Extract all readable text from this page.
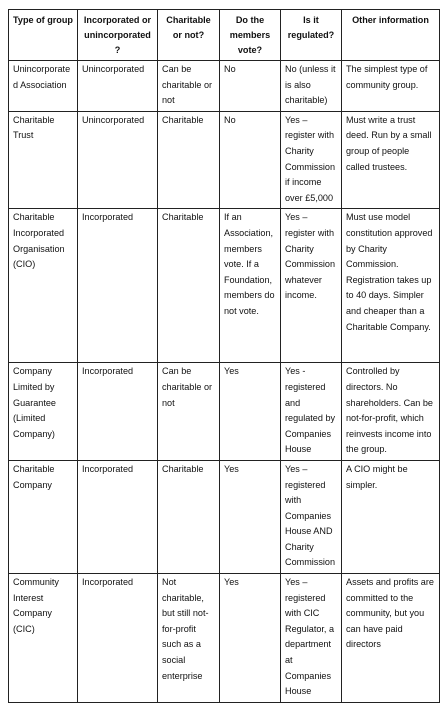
Type of group	Incorporated or unincorporated?	Charitable or not?	Do the members vote?	Is it regulated?	Other information
Unincorporated Association	Unincorporated	Can be charitable or not	No	No (unless it is also charitable)	The simplest type of community group.
Charitable Trust	Unincorporated	Charitable	No	Yes – register with Charity Commission if income over £5,000	Must write a trust deed. Run by a small group of people called trustees.
Charitable Incorporated Organisation (CIO)	Incorporated	Charitable	If an Association, members vote. If a Foundation, members do not vote.	Yes – register with Charity Commission whatever income.	Must use model constitution approved by Charity Commission. Registration takes up to 40 days. Simpler and cheaper than a Charitable Company.
Company Limited by Guarantee (Limited Company)	Incorporated	Can be charitable or not	Yes	Yes - registered and regulated by Companies House	Controlled by directors. No shareholders. Can be not-for-profit, which reinvests income into the group.
Charitable Company	Incorporated	Charitable	Yes	Yes – registered with Companies House AND Charity Commission	A CIO might be simpler.
Community Interest Company (CIC)	Incorporated	Not charitable, but still not-for-profit such as a social enterprise	Yes	Yes – registered with CIC Regulator, a department at Companies House	Assets and profits are committed to the community, but you can have paid directors
